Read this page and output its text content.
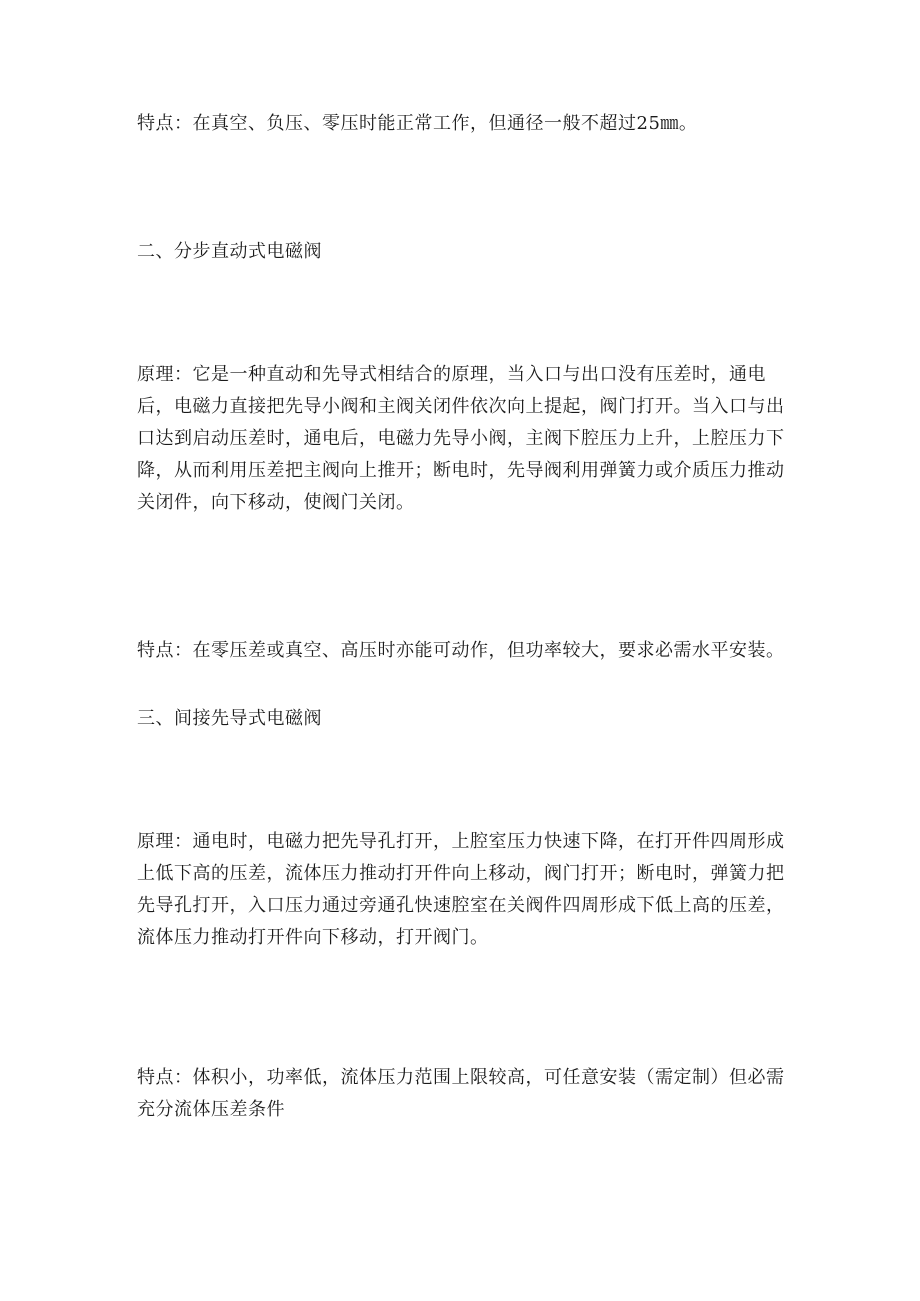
特点：在真空、负压、零压时能正常工作，但通径一般不超过25㎜。
二、分步直动式电磁阀
原理：它是一种直动和先导式相结合的原理，当入口与出口没有压差时，通电后，电磁力直接把先导小阀和主阀关闭件依次向上提起，阀门打开。当入口与出口达到启动压差时，通电后，电磁力先导小阀，主阀下腔压力上升，上腔压力下降，从而利用压差把主阀向上推开；断电时，先导阀利用弹簧力或介质压力推动关闭件，向下移动，使阀门关闭。
特点：在零压差或真空、高压时亦能可动作，但功率较大，要求必需水平安装。
三、间接先导式电磁阀
原理：通电时，电磁力把先导孔打开，上腔室压力快速下降，在打开件四周形成上低下高的压差，流体压力推动打开件向上移动，阀门打开；断电时，弹簧力把先导孔打开，入口压力通过旁通孔快速腔室在关阀件四周形成下低上高的压差，流体压力推动打开件向下移动，打开阀门。
特点：体积小，功率低，流体压力范围上限较高，可任意安装（需定制）但必需充分流体压差条件
